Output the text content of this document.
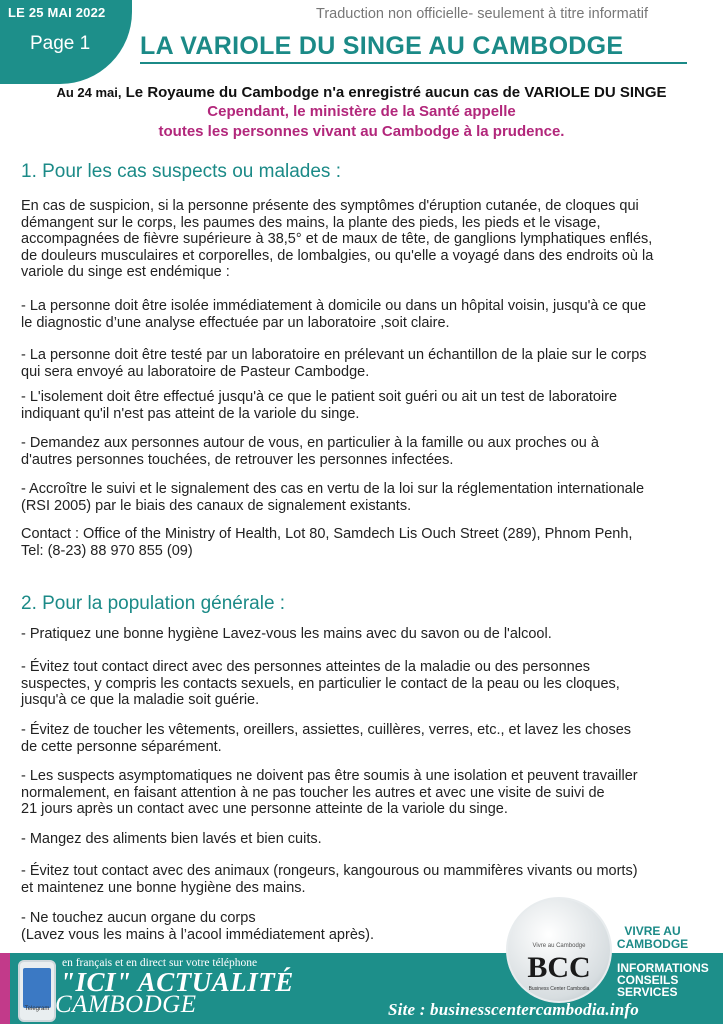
LE 25 MAI 2022
Page 1
Traduction non officielle- seulement à titre informatif
LA VARIOLE DU SINGE AU CAMBODGE
Au 24 mai, Le Royaume du Cambodge n'a enregistré aucun cas de VARIOLE DU SINGE
Cependant, le ministère de la Santé appelle
toutes les personnes vivant au Cambodge à la prudence.
1. Pour les cas suspects ou malades :
En cas de suspicion, si la personne présente des symptômes d'éruption cutanée, de cloques qui
démangent sur le corps, les paumes des mains, la plante des pieds, les pieds et le visage,
accompagnées de fièvre supérieure à 38,5° et de maux de tête, de ganglions lymphatiques enflés,
de douleurs musculaires et corporelles, de lombalgies, ou qu'elle a voyagé dans des endroits où la
variole du singe est endémique :
- La personne doit être isolée immédiatement à domicile ou dans un hôpital voisin, jusqu'à ce que
le diagnostic d’une analyse effectuée par un laboratoire ,soit claire.
- La personne doit être testé par un laboratoire en prélevant un échantillon de la plaie sur le corps
qui sera envoyé au laboratoire de Pasteur Cambodge.
- L'isolement doit être effectué jusqu'à ce que le patient soit guéri ou ait un test de laboratoire
indiquant qu'il n'est pas atteint de la variole du singe.
- Demandez aux personnes autour de vous, en particulier à la famille ou aux proches ou à
d'autres personnes touchées, de retrouver les personnes infectées.
- Accroître le suivi et le signalement des cas en vertu de la loi sur la réglementation internationale
(RSI 2005) par le biais des canaux de signalement existants.
Contact : Office of the Ministry of Health, Lot 80, Samdech Lis Ouch Street (289), Phnom Penh,
Tel: (8-23) 88 970 855 (09)
2. Pour la population générale :
- Pratiquez une bonne hygiène Lavez-vous les mains avec du savon ou de l'alcool.
- Évitez tout contact direct avec des personnes atteintes de la maladie ou des personnes
suspectes, y compris les contacts sexuels, en particulier le contact de la peau ou les cloques,
jusqu'à ce que la maladie soit guérie.
- Évitez de toucher les vêtements, oreillers, assiettes, cuillères, verres, etc., et lavez les choses
de cette personne séparément.
- Les suspects asymptomatiques ne doivent pas être soumis à une isolation et peuvent travailler
normalement, en faisant attention à ne pas toucher les autres et avec une visite de suivi de
21 jours après un contact avec une personne atteinte de la variole du singe.
- Mangez des aliments bien lavés et bien cuits.
- Évitez tout contact avec des animaux (rongeurs, kangourous ou mammifères vivants ou morts)
et maintenez une bonne hygiène des mains.
- Ne touchez aucun organe du corps
(Lavez vous les mains à l’acool immédiatement après).
Telegram
en français et en direct sur votre téléphone
"ICI" ACTUALITÉ
CAMBODGE
Vivre au Cambodge
BCC
Business Center Cambodia
VIVRE AU CAMBODGE
INFORMATIONS
CONSEILS
SERVICES
Site : businesscentercambodia.info
